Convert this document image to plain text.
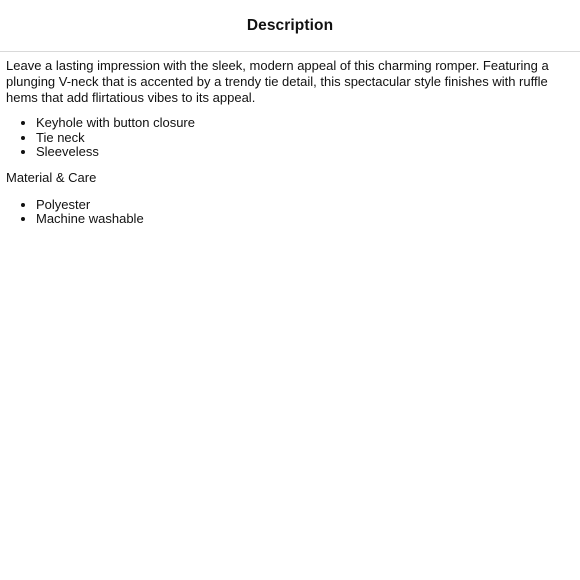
Description

Leave a lasting impression with the sleek, modern appeal of this charming romper. Featuring a plunging V-neck that is accented by a trendy tie detail, this spectacular style finishes with ruffle hems that add flirtatious vibes to its appeal.

• Keyhole with button closure
• Tie neck
• Sleeveless

Material & Care

• Polyester
• Machine washable
